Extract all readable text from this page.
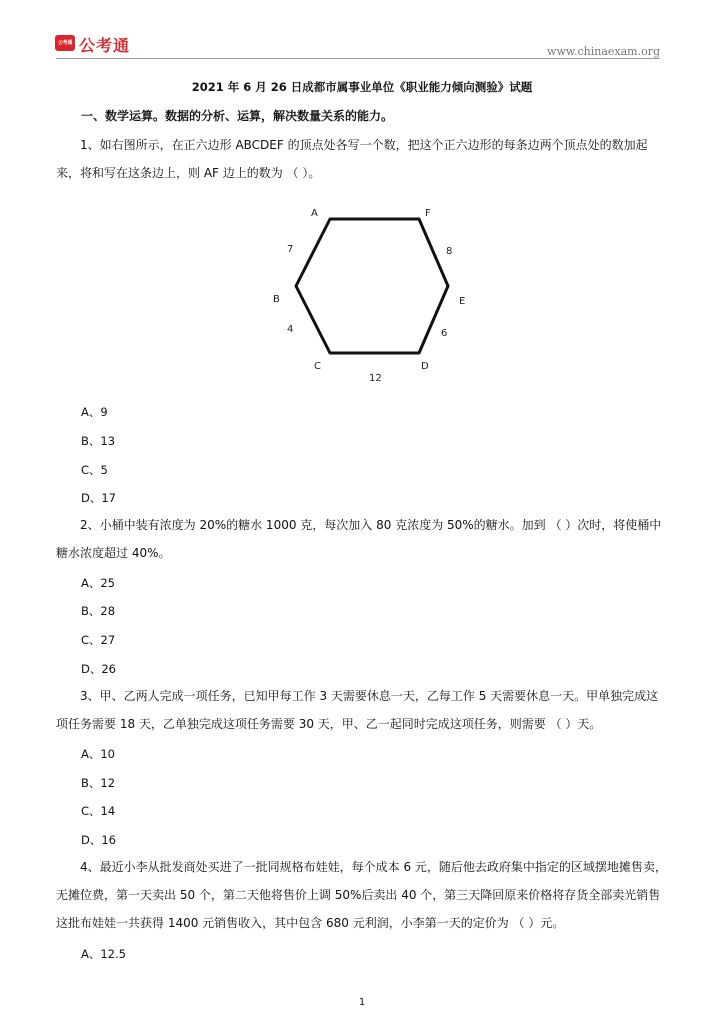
公考通 公考通	www.chinaexam.org
2021 年 6 月 26 日成都市属事业单位《职业能力倾向测验》试题
一、数学运算。数据的分析、运算，解决数量关系的能力。
1、如右图所示，在正六边形 ABCDEF 的顶点处各写一个数，把这个正六边形的每条边两个顶点处的数加起来，将和写在这条边上，则 AF 边上的数为 （ ）。
A	F
B	E
C	D
7	8
4	6
12
A、9
B、13
C、5
D、17
2、小桶中装有浓度为 20%的糖水 1000 克，每次加入 80 克浓度为 50%的糖水。加到 （ ）次时，将使桶中糖水浓度超过 40%。
A、25
B、28
C、27
D、26
3、甲、乙两人完成一项任务，已知甲每工作 3 天需要休息一天，乙每工作 5 天需要休息一天。甲单独完成这项任务需要 18 天，乙单独完成这项任务需要 30 天，甲、乙一起同时完成这项任务，则需要 （ ）天。
A、10
B、12
C、14
D、16
4、最近小李从批发商处买进了一批同规格布娃娃，每个成本 6 元，随后他去政府集中指定的区域摆地摊售卖，无摊位费，第一天卖出 50 个，第二天他将售价上调 50%后卖出 40 个，第三天降回原来价格将存货全部卖光销售这批布娃娃一共获得 1400 元销售收入，其中包含 680 元利润，小李第一天的定价为 （ ）元。
A、12.5
1
